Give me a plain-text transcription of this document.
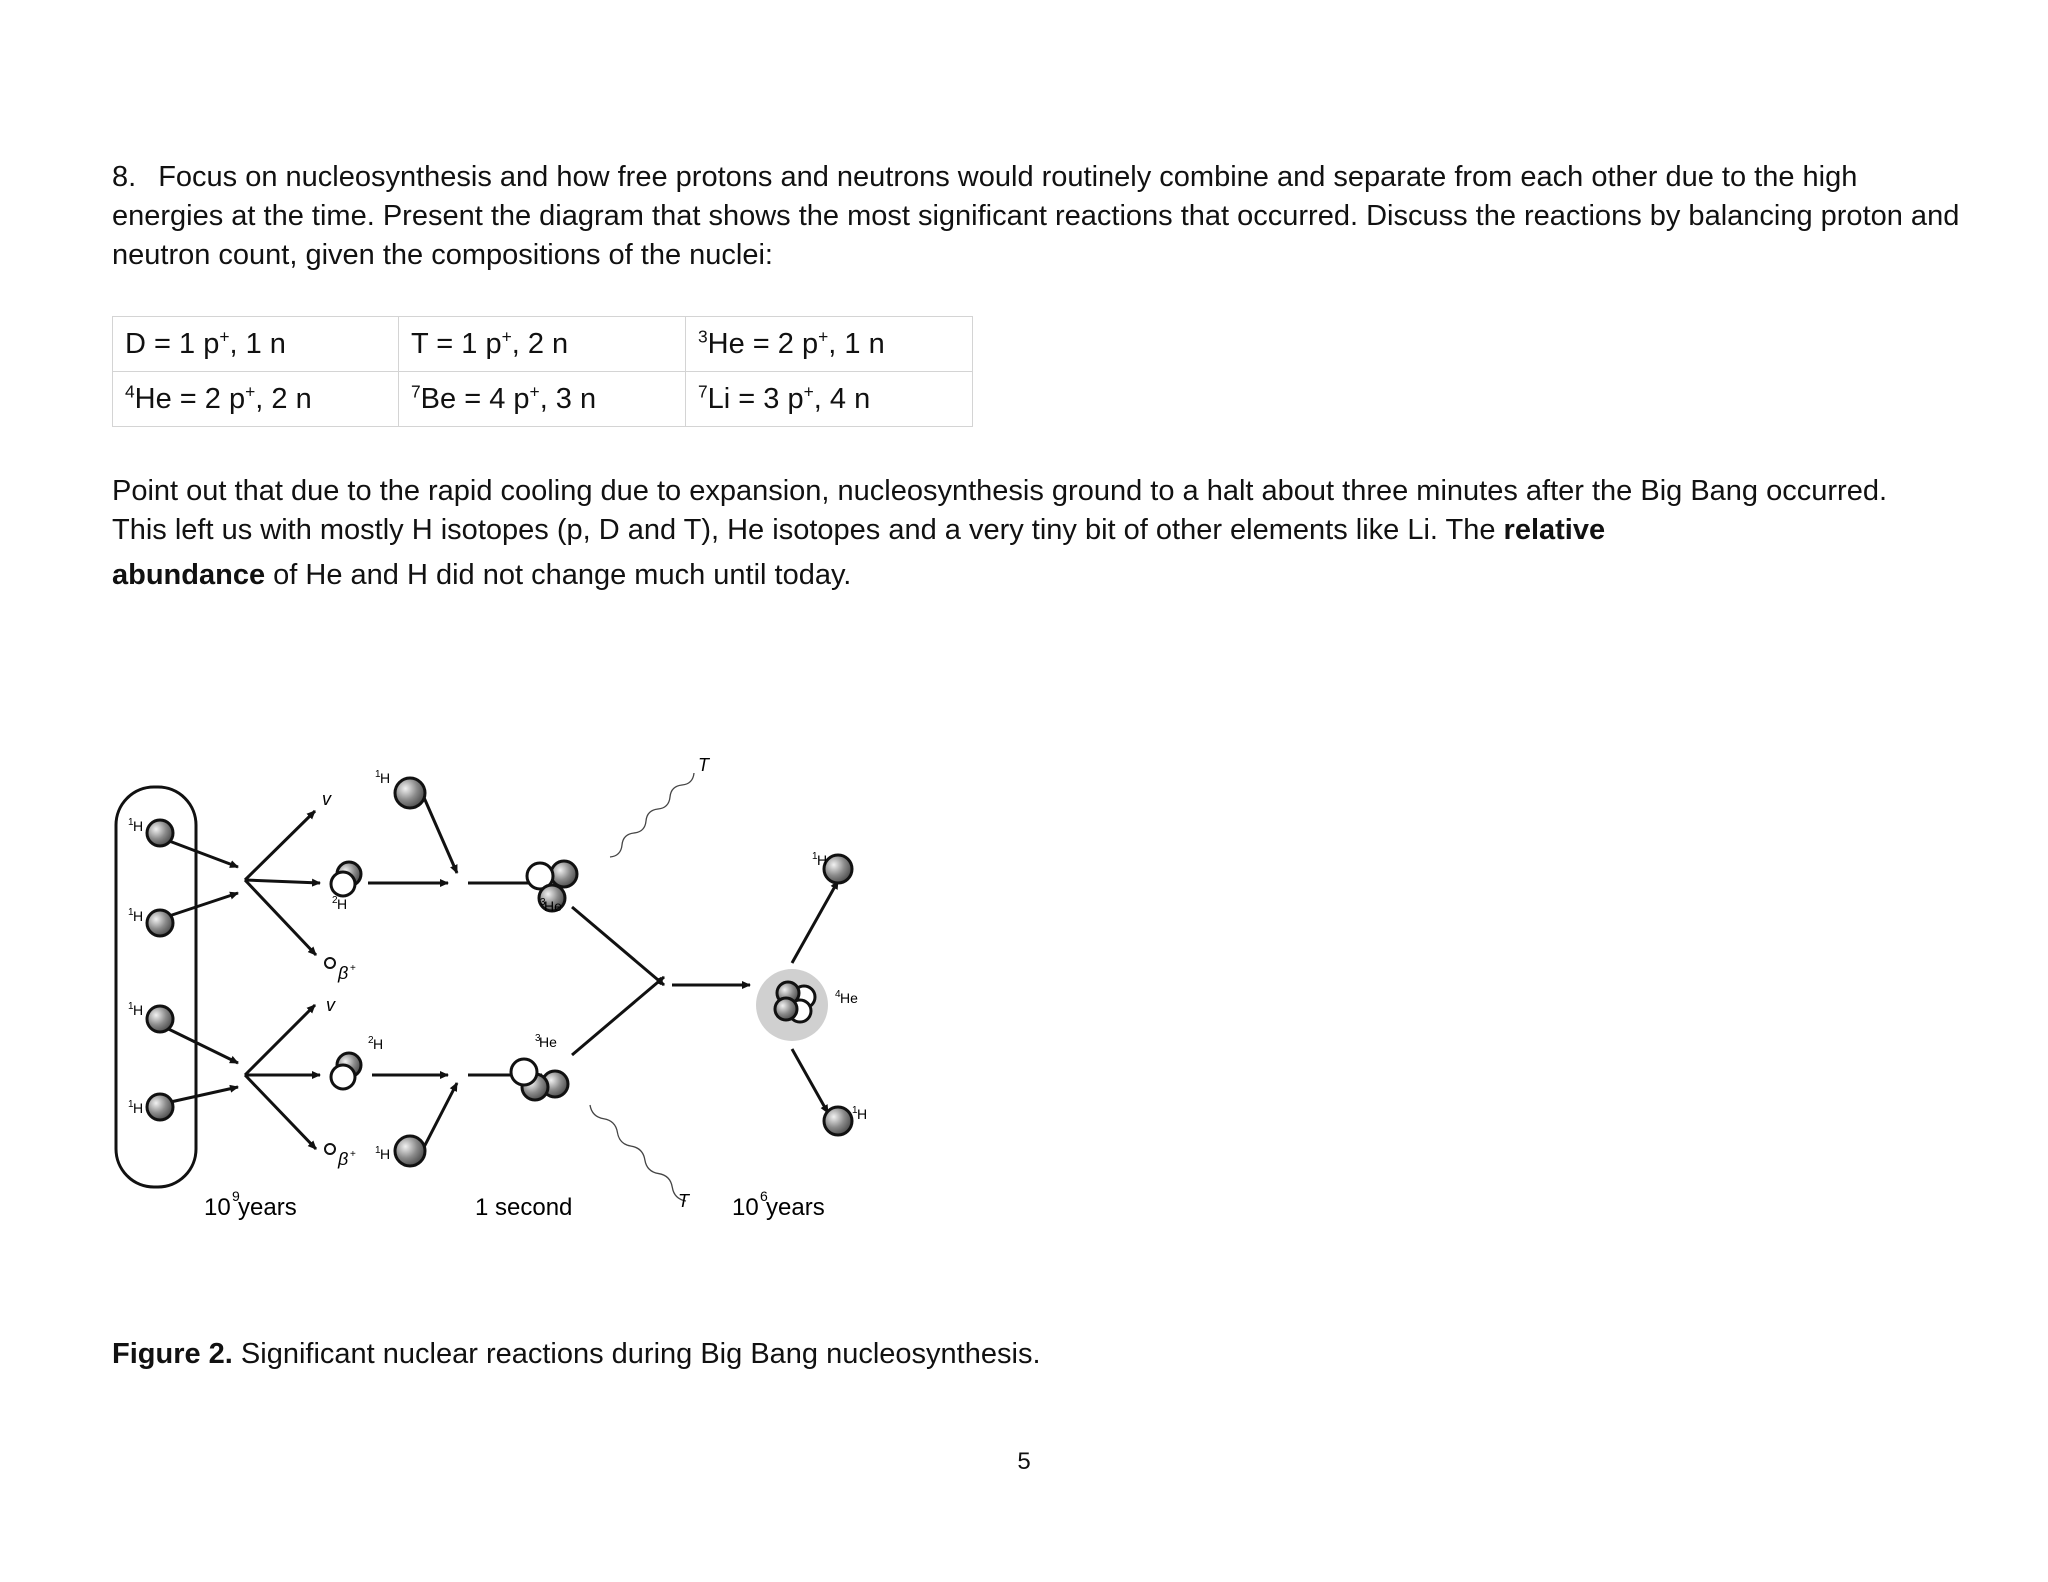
8. Focus on nucleosynthesis and how free protons and neutrons would routinely combine and separate from each other due to the high energies at the time. Present the diagram that shows the most significant reactions that occurred. Discuss the reactions by balancing proton and neutron count, given the compositions of the nuclei:

D = 1 p+, 1 n	T = 1 p+, 2 n	$^3$He = 2 p+, 1 n
$^4$He = 2 p+, 2 n	$^7$Be = 4 p+, 3 n	$^7$Li = 3 p+, 4 n

Point out that due to the rapid cooling due to expansion, nucleosynthesis ground to a halt about three minutes after the Big Bang occurred.
This left us with mostly H isotopes (p, D and T), He isotopes and a very tiny bit of other elements like Li. The relative
abundance of He and H did not change much until today.

1 H
1 H
1 H
1 H
1 H
1 H
1 H
1 H
2 H
2 H
3
He
3
He
4 He
v
v
β +
β +
T
T
10 9
years	1 second	10 6
years

Figure 2. Significant nuclear reactions during Big Bang nucleosynthesis.

5
